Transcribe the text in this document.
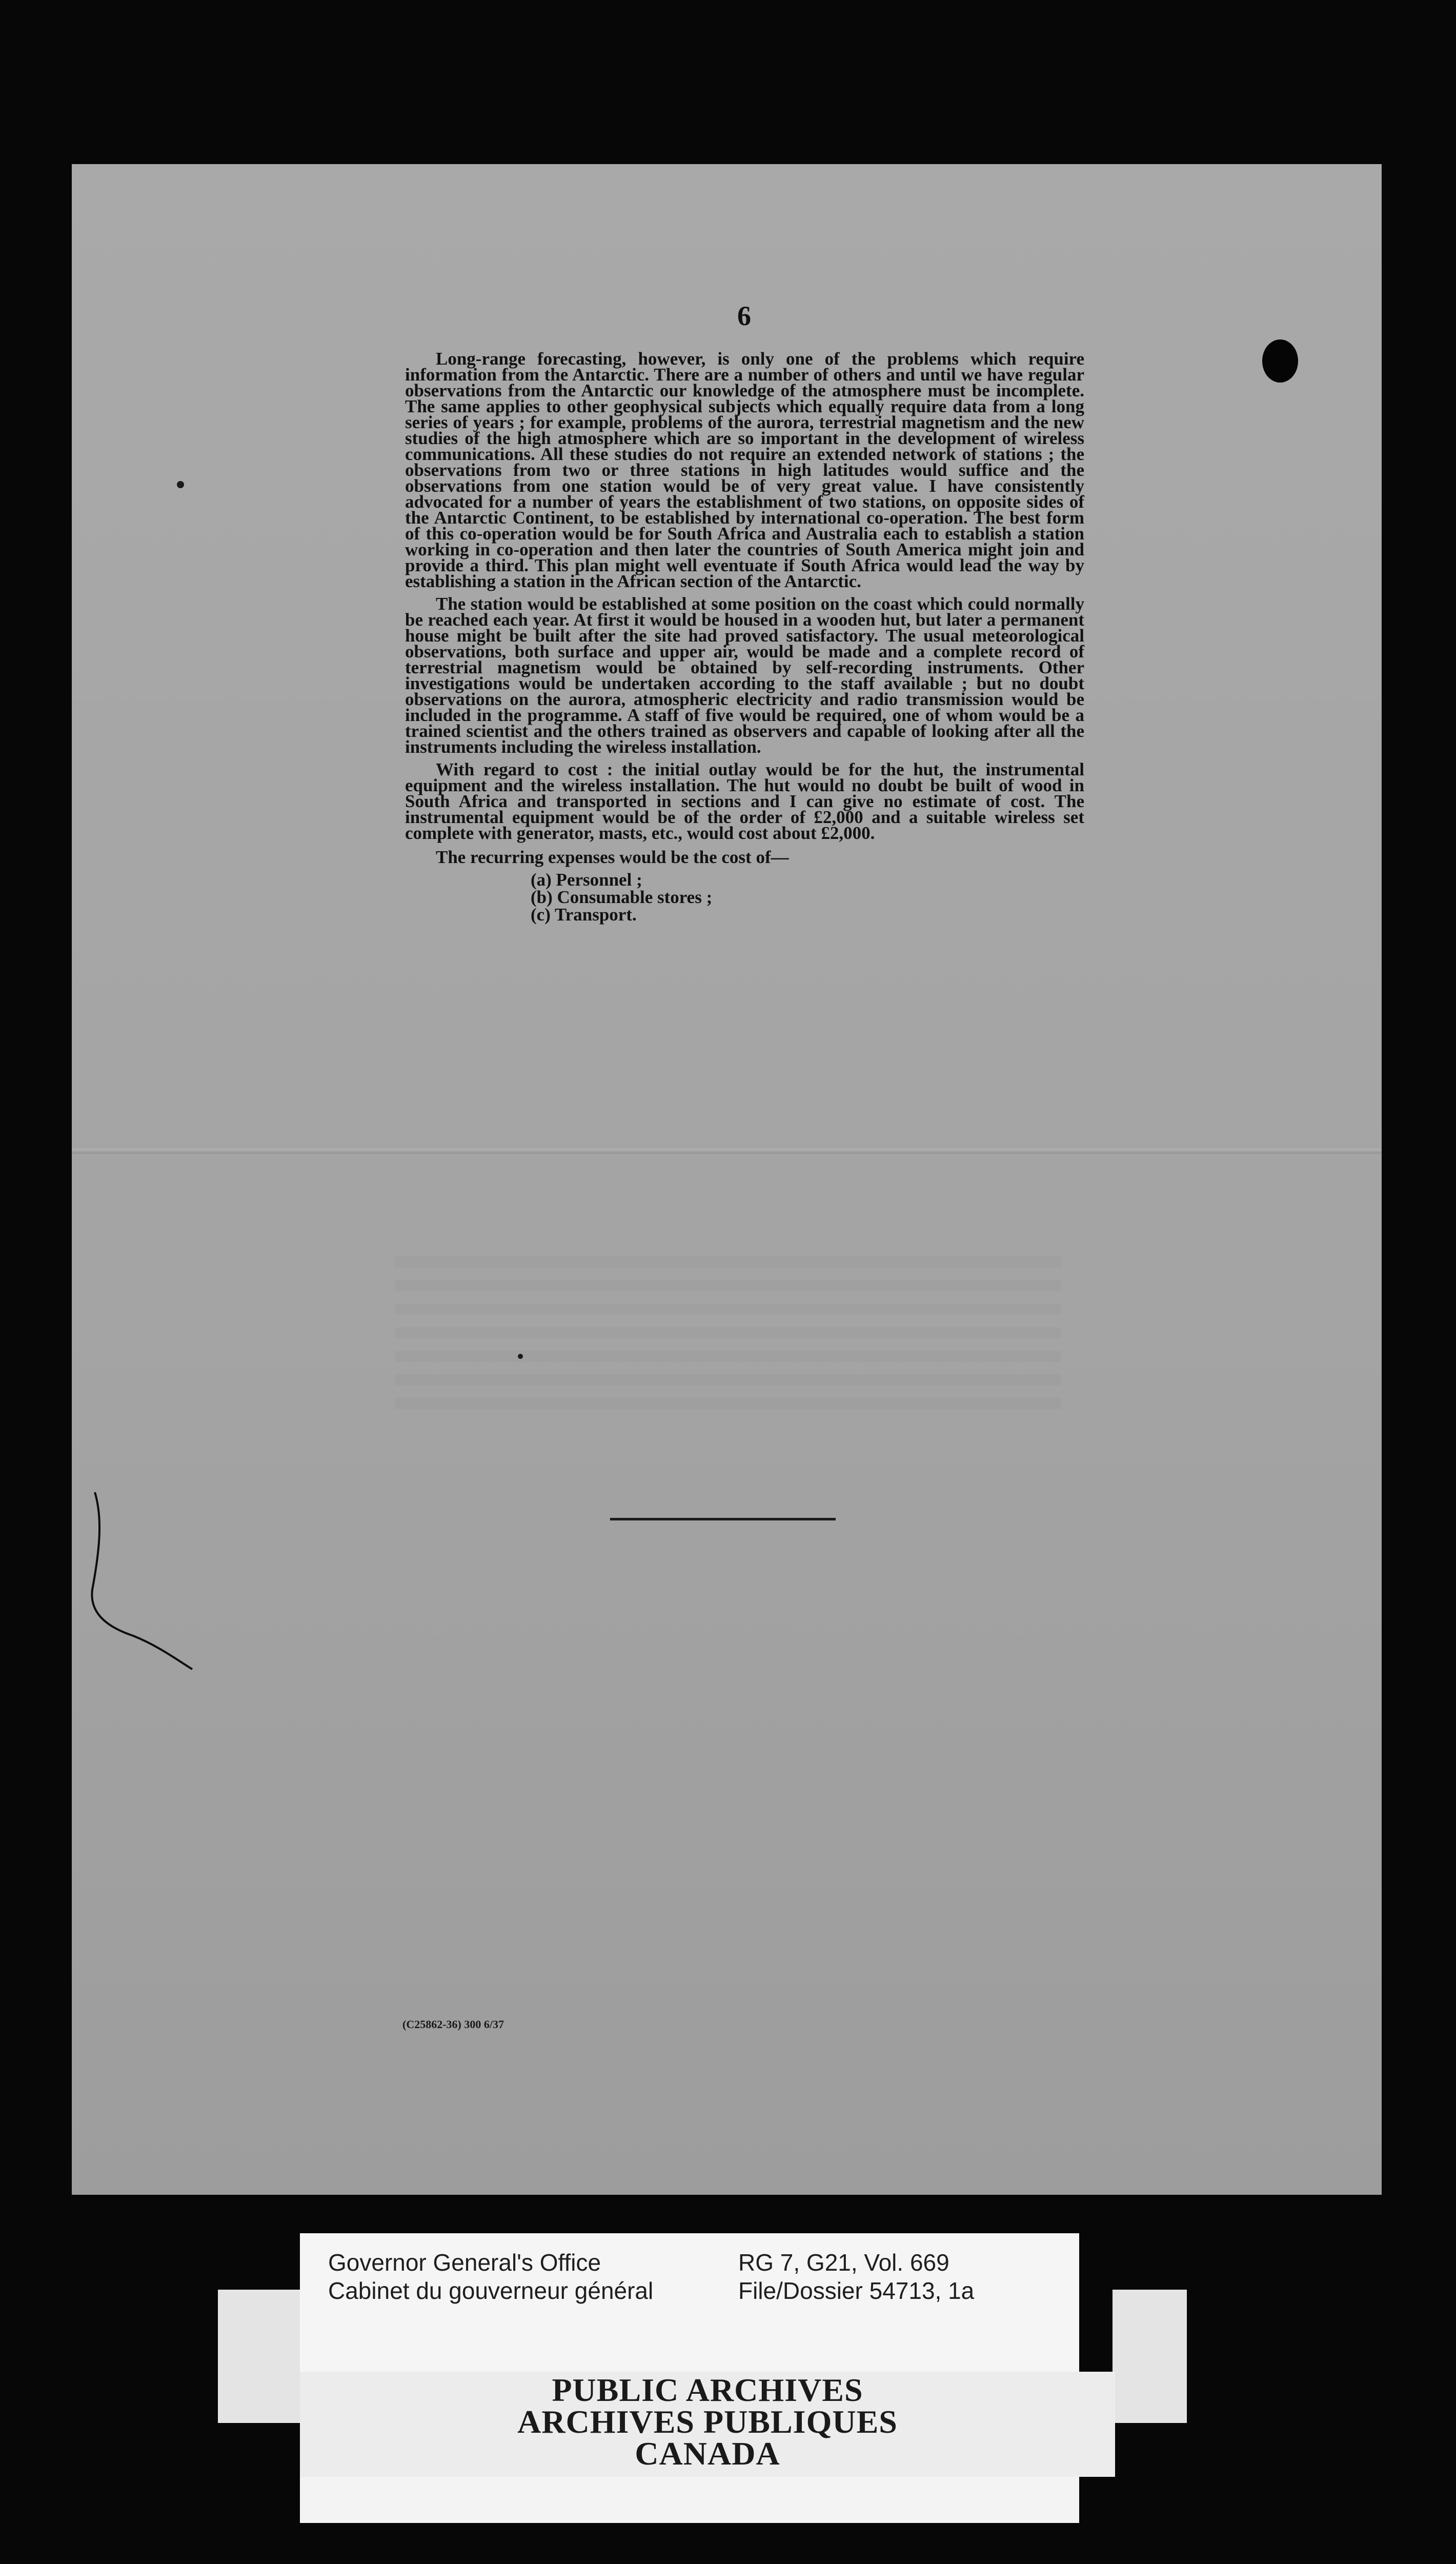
6

Long-range forecasting, however, is only one of the problems which require information from the Antarctic. There are a number of others and until we have regular observations from the Antarctic our knowledge of the atmosphere must be incomplete. The same applies to other geophysical subjects which equally require data from a long series of years ; for example, problems of the aurora, terrestrial magnetism and the new studies of the high atmosphere which are so important in the development of wireless communications. All these studies do not require an extended network of stations ; the observations from two or three stations in high latitudes would suffice and the observations from one station would be of very great value. I have consistently advocated for a number of years the establishment of two stations, on opposite sides of the Antarctic Continent, to be established by international co-operation. The best form of this co-operation would be for South Africa and Australia each to establish a station working in co-operation and then later the countries of South America might join and provide a third. This plan might well eventuate if South Africa would lead the way by establishing a station in the African section of the Antarctic.

The station would be established at some position on the coast which could normally be reached each year. At first it would be housed in a wooden hut, but later a permanent house might be built after the site had proved satisfactory. The usual meteorological observations, both surface and upper air, would be made and a complete record of terrestrial magnetism would be obtained by self-recording instruments. Other investigations would be undertaken according to the staff available ; but no doubt observations on the aurora, atmospheric electricity and radio transmission would be included in the programme. A staff of five would be required, one of whom would be a trained scientist and the others trained as observers and capable of looking after all the instruments including the wireless installation.

With regard to cost : the initial outlay would be for the hut, the instrumental equipment and the wireless installation. The hut would no doubt be built of wood in South Africa and transported in sections and I can give no estimate of cost. The instrumental equipment would be of the order of £2,000 and a suitable wireless set complete with generator, masts, etc., would cost about £2,000.

The recurring expenses would be the cost of—

(a) Personnel ;
(b) Consumable stores ;
(c) Transport.
(C25862-36) 300 6/37
Governor General's Office
Cabinet du gouverneur général
RG 7, G21, Vol. 669
File/Dossier 54713, 1a
PUBLIC ARCHIVES
ARCHIVES PUBLIQUES
CANADA
